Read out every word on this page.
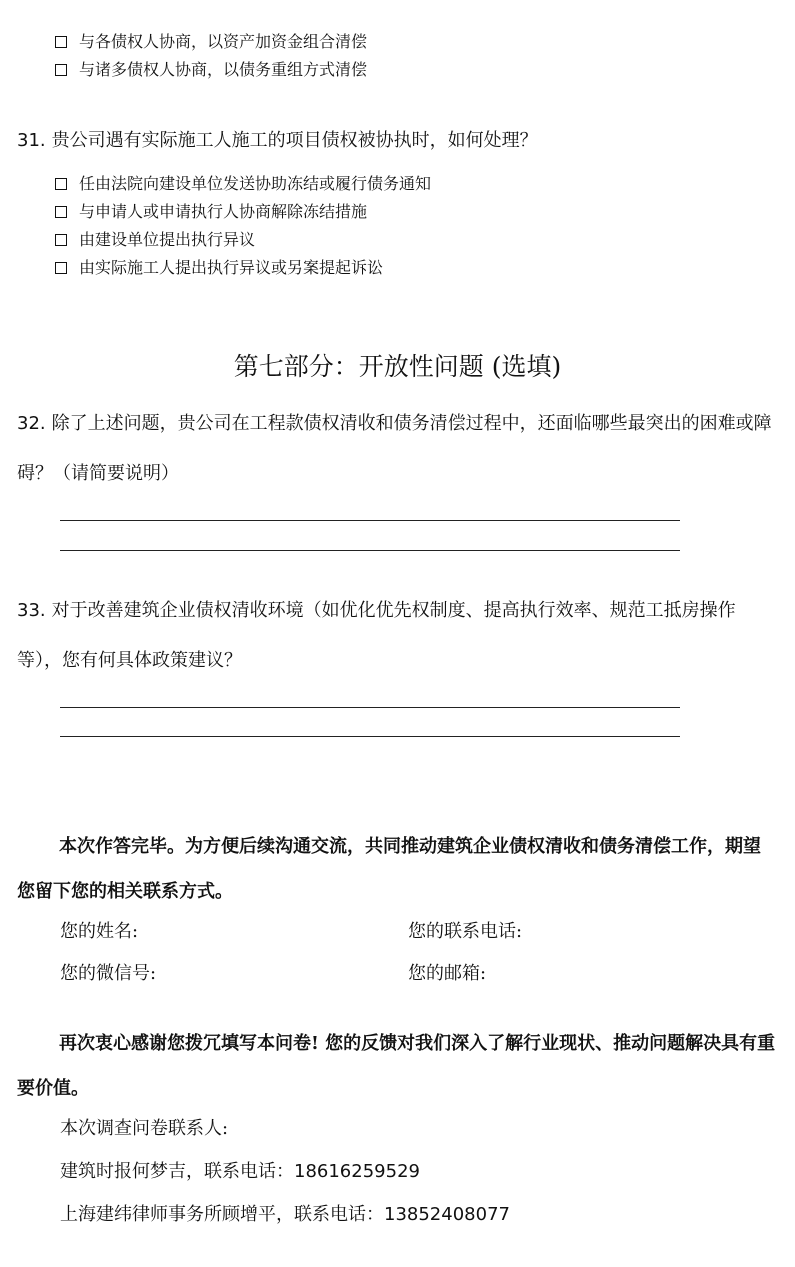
与各债权人协商，以资产加资金组合清偿
与诸多债权人协商，以债务重组方式清偿
31. 贵公司遇有实际施工人施工的项目债权被协执时，如何处理？
任由法院向建设单位发送协助冻结或履行债务通知
与申请人或申请执行人协商解除冻结措施
由建设单位提出执行异议
由实际施工人提出执行异议或另案提起诉讼
第七部分：开放性问题 (选填)
32. 除了上述问题，贵公司在工程款债权清收和债务清偿过程中，还面临哪些最突出的困难或障碍？（请简要说明）
33. 对于改善建筑企业债权清收环境（如优化优先权制度、提高执行效率、规范工抵房操作等），您有何具体政策建议？
本次作答完毕。为方便后续沟通交流，共同推动建筑企业债权清收和债务清偿工作，期望您留下您的相关联系方式。
您的姓名:	您的联系电话:
您的微信号:	您的邮箱:
再次衷心感谢您拨冗填写本问卷! 您的反馈对我们深入了解行业现状、推动问题解决具有重要价值。
本次调查问卷联系人:
建筑时报何梦吉，联系电话：18616259529
上海建纬律师事务所顾增平，联系电话：13852408077
